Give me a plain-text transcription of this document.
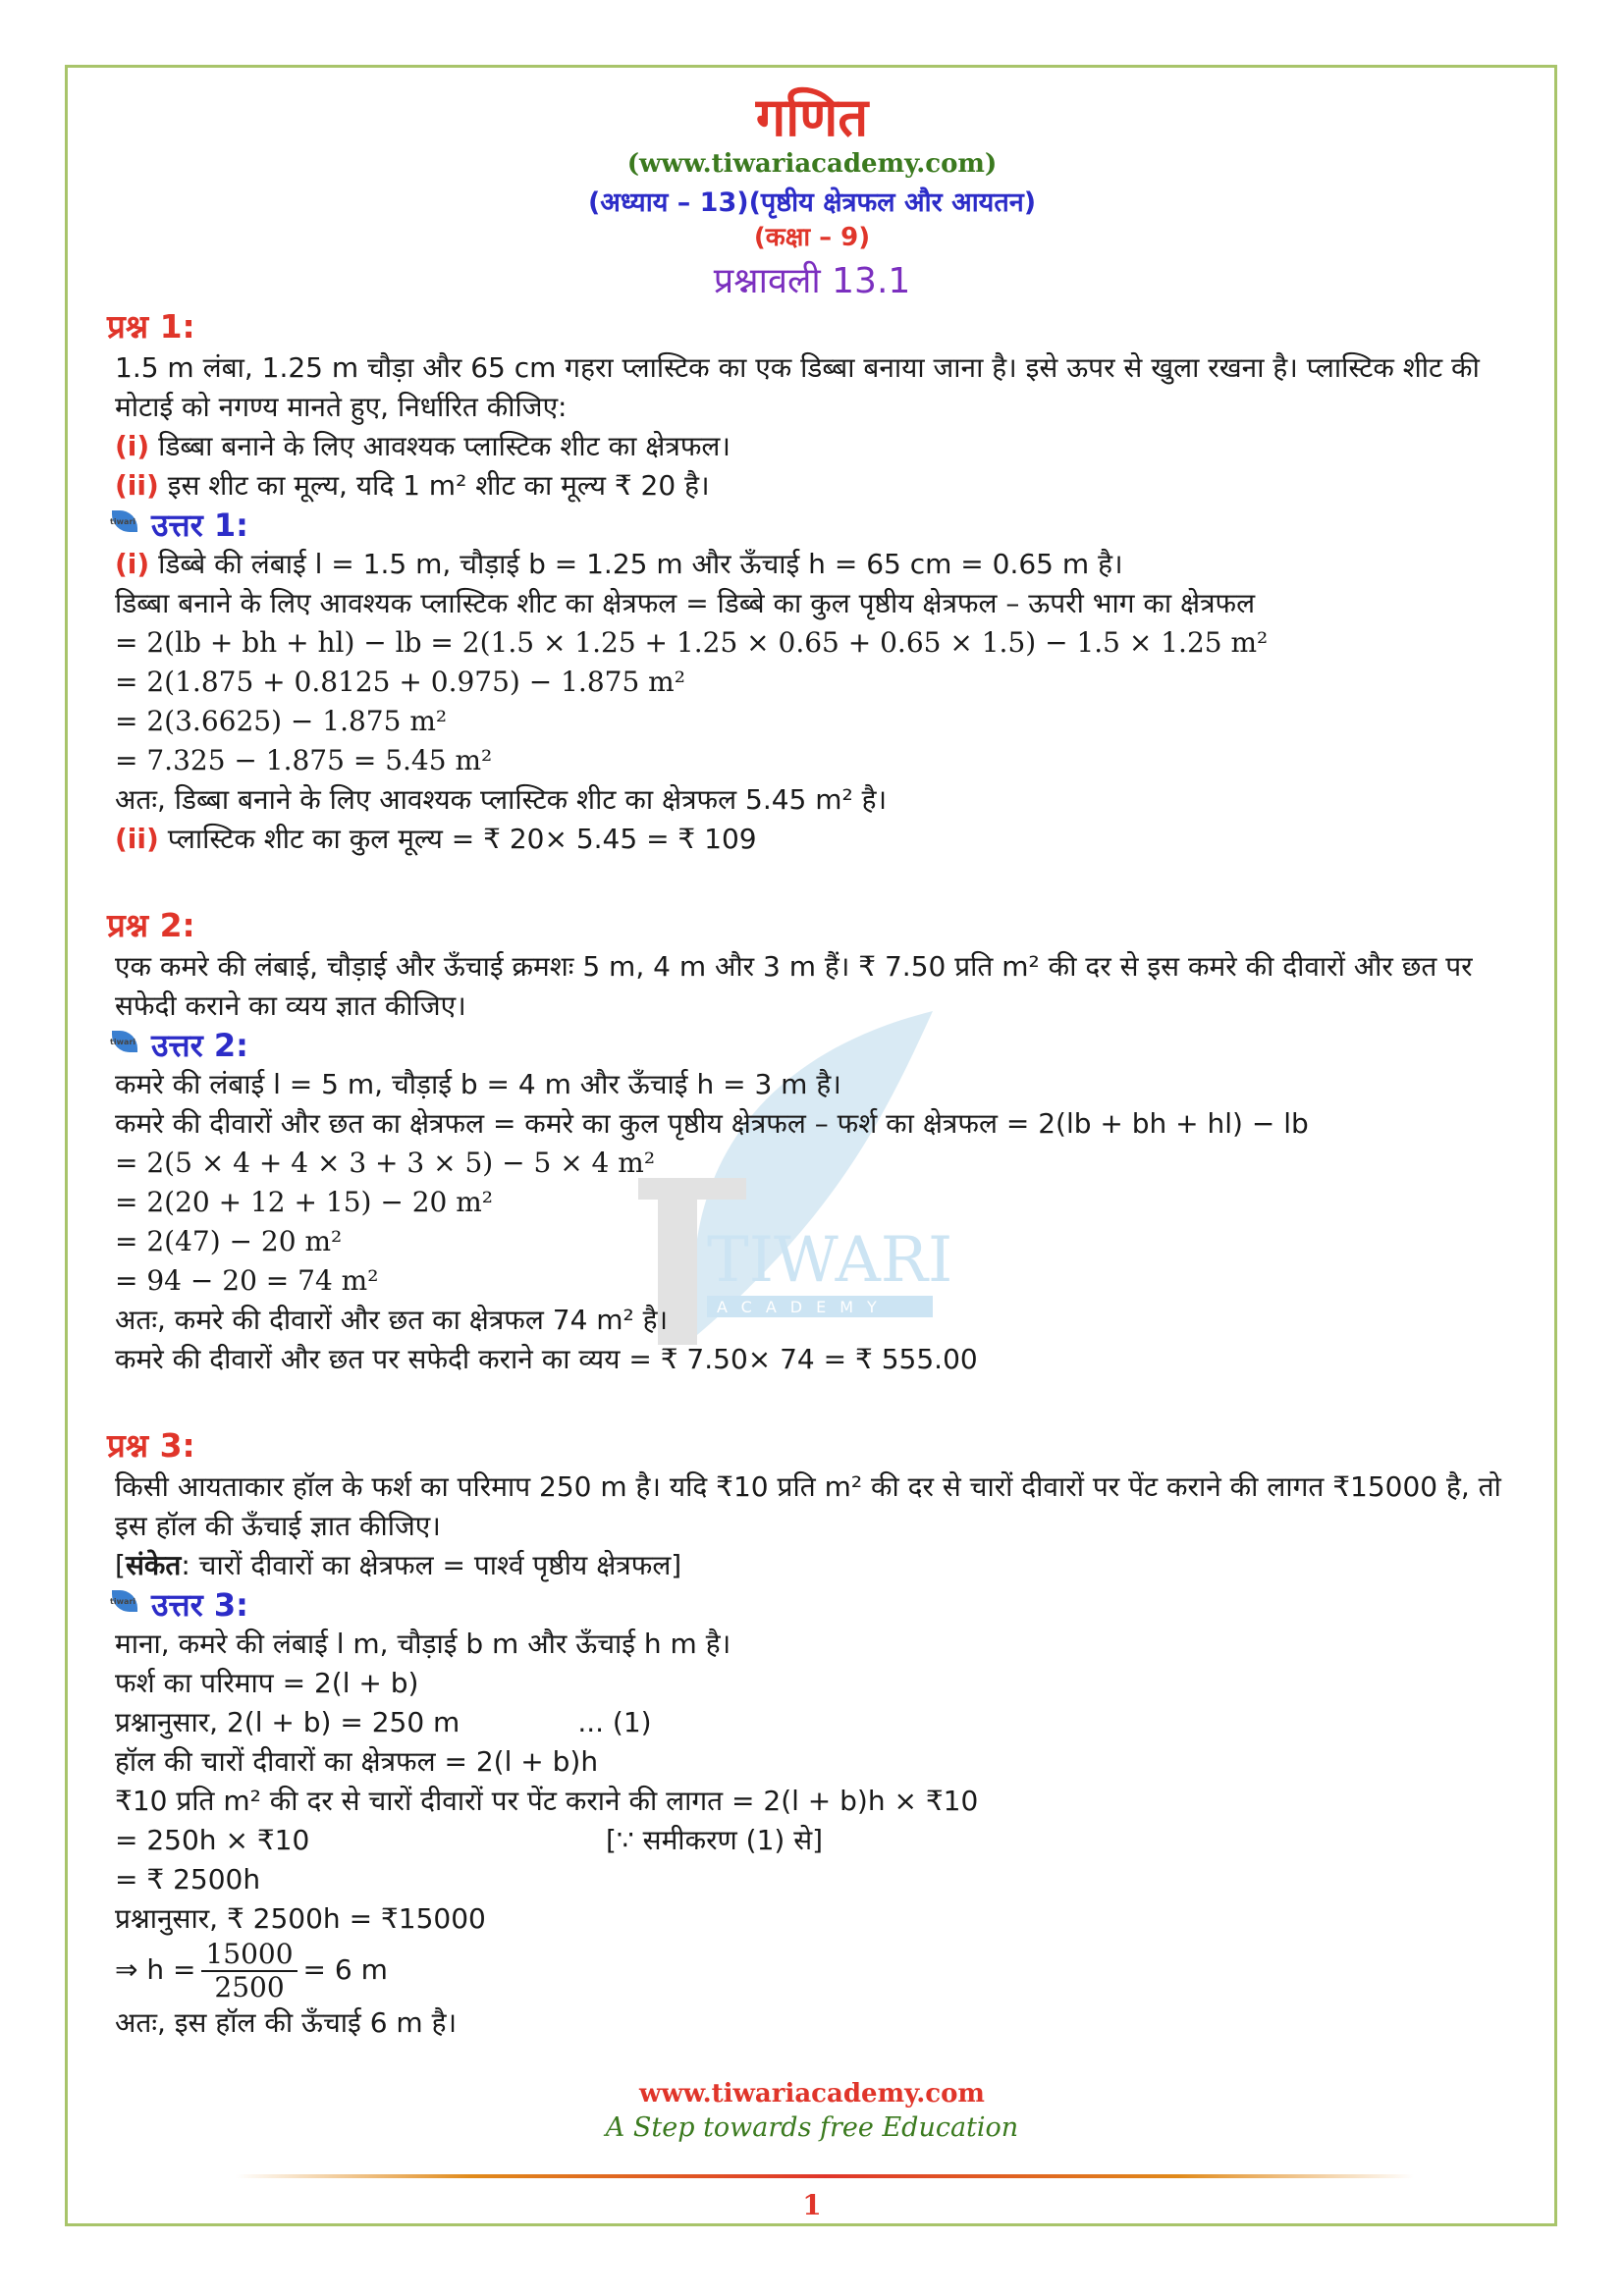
गणित
(www.tiwariacademy.com)
(अध्याय – 13)(पृष्ठीय क्षेत्रफल और आयतन)
(कक्षा – 9)
प्रश्नावली 13.1
TIWARI
ACADEMY
प्रश्न 1:

1.5 m लंबा, 1.25 m चौड़ा और 65 cm गहरा प्लास्टिक का एक डिब्बा बनाया जाना है। इसे ऊपर से खुला रखना है। प्लास्टिक शीट की मोटाई को नगण्य मानते हुए, निर्धारित कीजिए:

(i) डिब्बा बनाने के लिए आवश्यक प्लास्टिक शीट का क्षेत्रफल।

(ii) इस शीट का मूल्य, यदि 1 m² शीट का मूल्य ₹ 20 है।

tiwari
उत्तर 1:

(i) डिब्बे की लंबाई l = 1.5 m, चौड़ाई b = 1.25 m और ऊँचाई h = 65 cm = 0.65 m है।

डिब्बा बनाने के लिए आवश्यक प्लास्टिक शीट का क्षेत्रफल = डिब्बे का कुल पृष्ठीय क्षेत्रफल – ऊपरी भाग का क्षेत्रफल

= 2(lb + bh + hl) − lb = 2(1.5 × 1.25 + 1.25 × 0.65 + 0.65 × 1.5) − 1.5 × 1.25 m²

= 2(1.875 + 0.8125 + 0.975) − 1.875 m²

= 2(3.6625) − 1.875 m²

= 7.325 − 1.875 = 5.45 m²

अतः, डिब्बा बनाने के लिए आवश्यक प्लास्टिक शीट का क्षेत्रफल 5.45 m² है।

(ii) प्लास्टिक शीट का कुल मूल्य = ₹ 20× 5.45 = ₹ 109

प्रश्न 2:

एक कमरे की लंबाई, चौड़ाई और ऊँचाई क्रमशः 5 m, 4 m और 3 m हैं। ₹ 7.50 प्रति m² की दर से इस कमरे की दीवारों और छत पर सफेदी कराने का व्यय ज्ञात कीजिए।

tiwari
उत्तर 2:

कमरे की लंबाई l = 5 m, चौड़ाई b = 4 m और ऊँचाई h = 3 m है।

कमरे की दीवारों और छत का क्षेत्रफल = कमरे का कुल पृष्ठीय क्षेत्रफल – फर्श का क्षेत्रफल = 2(lb + bh + hl) − lb

= 2(5 × 4 + 4 × 3 + 3 × 5) − 5 × 4 m²

= 2(20 + 12 + 15) − 20 m²

= 2(47) − 20 m²

= 94 − 20 = 74 m²

अतः, कमरे की दीवारों और छत का क्षेत्रफल 74 m² है।

कमरे की दीवारों और छत पर सफेदी कराने का व्यय = ₹ 7.50× 74 = ₹ 555.00

प्रश्न 3:

किसी आयताकार हॉल के फर्श का परिमाप 250 m है। यदि ₹10 प्रति m² की दर से चारों दीवारों पर पेंट कराने की लागत ₹15000 है, तो इस हॉल की ऊँचाई ज्ञात कीजिए।

[संकेत: चारों दीवारों का क्षेत्रफल = पार्श्व पृष्ठीय क्षेत्रफल]

tiwari
उत्तर 3:

माना, कमरे की लंबाई l m, चौड़ाई b m और ऊँचाई h m है।

फर्श का परिमाप = 2(l + b)

प्रश्नानुसार, 2(l + b) = 250 m	... (1)

हॉल की चारों दीवारों का क्षेत्रफल = 2(l + b)h

₹10 प्रति m² की दर से चारों दीवारों पर पेंट कराने की लागत = 2(l + b)h × ₹10

= 250h × ₹10	[∵ समीकरण (1) से]

= ₹ 2500h

प्रश्नानुसार, ₹ 2500h = ₹15000

⇒ $h = \frac{15000}{2500} = 6$ m

अतः, इस हॉल की ऊँचाई 6 m है।

www.tiwariacademy.com
A Step towards free Education
1
